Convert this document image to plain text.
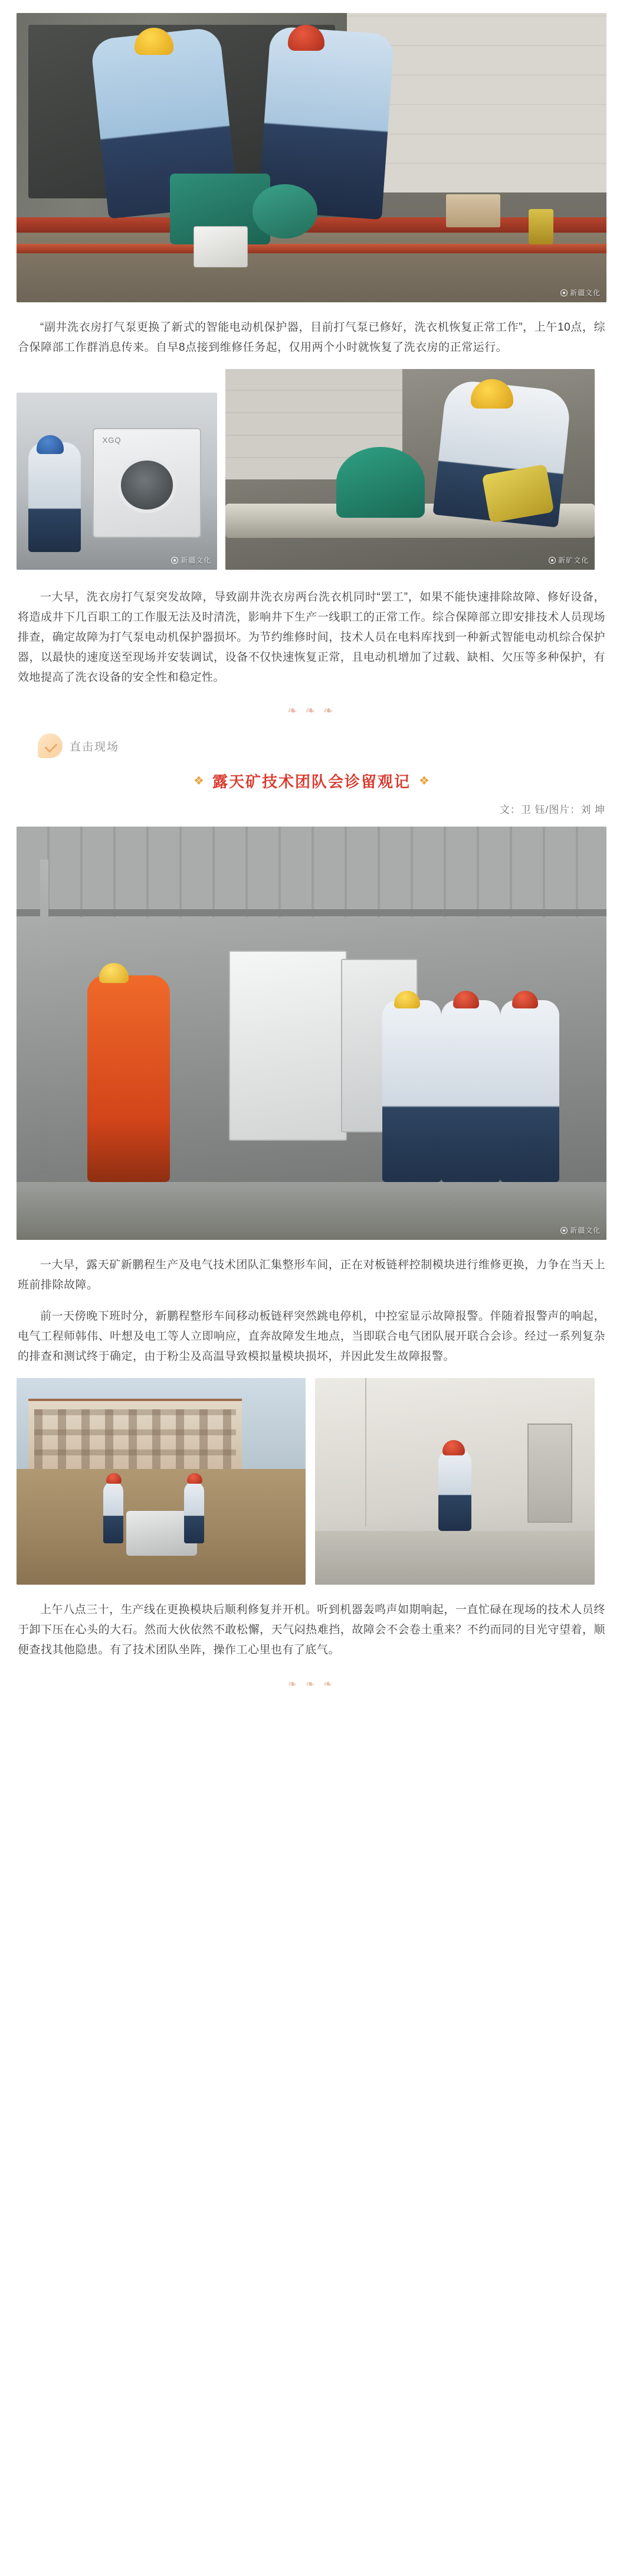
新疆文化

“副井洗衣房打气泵更换了新式的智能电动机保护器，目前打气泵已修好，洗衣机恢复正常工作”，上午10点，综合保障部工作群消息传来。自早8点接到维修任务起，仅用两个小时就恢复了洗衣房的正常运行。

XGQ
新疆文化	新矿文化

一大早，洗衣房打气泵突发故障，导致副井洗衣房两台洗衣机同时“罢工”，如果不能快速排除故障、修好设备，将造成井下几百职工的工作服无法及时清洗，影响井下生产一线职工的正常工作。综合保障部立即安排技术人员现场排查，确定故障为打气泵电动机保护器损坏。为节约维修时间，技术人员在电料库找到一种新式智能电动机综合保护器，以最快的速度送至现场并安装调试，设备不仅快速恢复正常，且电动机增加了过载、缺相、欠压等多种保护，有效地提高了洗衣设备的安全性和稳定性。

❧ ❧ ❧
直击现场
❖ 露天矿技术团队会诊留观记 ❖
文：卫 钰/图片：刘 坤
新疆文化

一大早，露天矿新鹏程生产及电气技术团队汇集整形车间，正在对板链秤控制模块进行维修更换，力争在当天上班前排除故障。

前一天傍晚下班时分，新鹏程整形车间移动板链秤突然跳电停机，中控室显示故障报警。伴随着报警声的响起，电气工程师韩伟、叶想及电工等人立即响应，直奔故障发生地点，当即联合电气团队展开联合会诊。经过一系列复杂的排查和测试终于确定，由于粉尘及高温导致模拟量模块损坏，并因此发生故障报警。

上午八点三十，生产线在更换模块后顺利修复并开机。听到机器轰鸣声如期响起，一直忙碌在现场的技术人员终于卸下压在心头的大石。然而大伙依然不敢松懈，天气闷热难挡，故障会不会卷土重来？不约而同的目光守望着，顺便查找其他隐患。有了技术团队坐阵，操作工心里也有了底气。

❧ ❧ ❧
